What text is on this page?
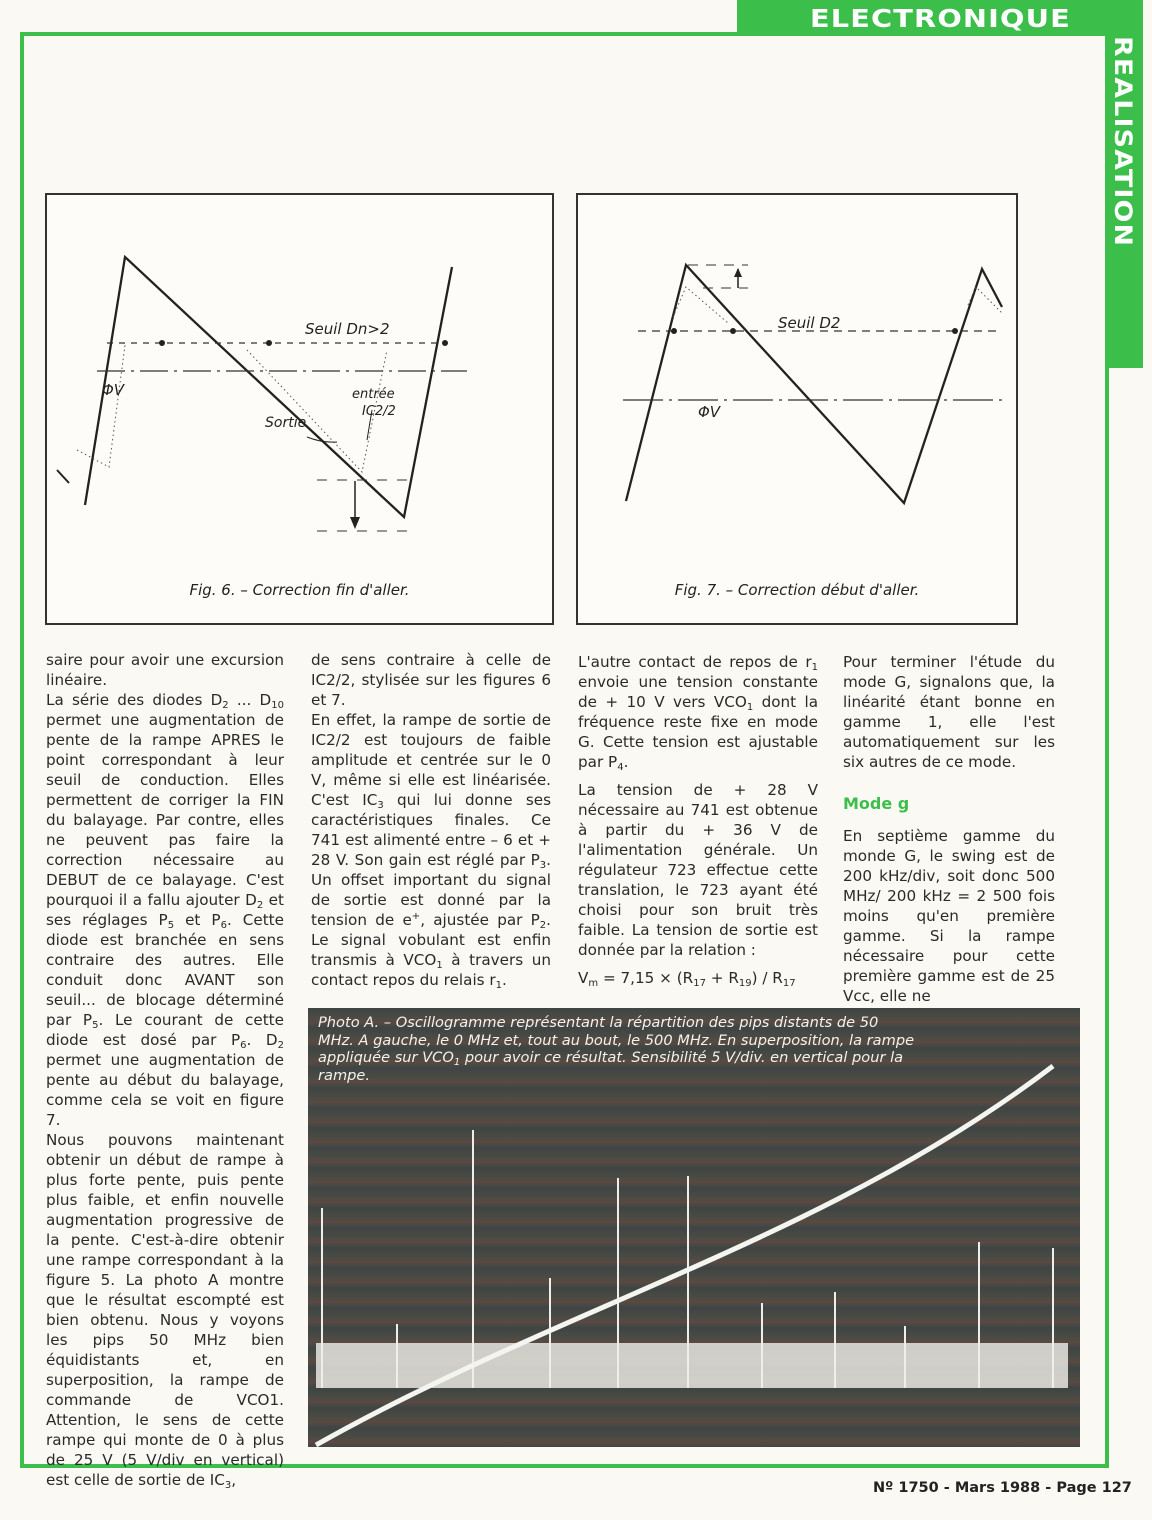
ELECTRONIQUE
REALISATION
Seuil Dn>2
ΦV	entrée
IC2/2
Sortie
Fig. 6. – Correction fin d'aller.
Seuil D2
ΦV
Fig. 7. – Correction début d'aller.

saire pour avoir une excursion linéaire.

La série des diodes $D_2$ ... $D_{10}$ permet une augmentation de pente de la rampe APRES le point correspondant à leur seuil de conduction. Elles permettent de corriger la FIN du balayage. Par contre, elles ne peuvent pas faire la correction nécessaire au DEBUT de ce balayage. C'est pourquoi il a fallu ajouter $D_2$ et ses réglages $P_5$ et $P_6$. Cette diode est branchée en sens contraire des autres. Elle conduit donc AVANT son seuil... de blocage déterminé par $P_5$. Le courant de cette diode est dosé par $P_6$. $D_2$ permet une augmentation de pente au début du balayage, comme cela se voit en figure 7.

Nous pouvons maintenant obtenir un début de rampe à plus forte pente, puis pente plus faible, et enfin nouvelle augmentation progressive de la pente. C'est-à-dire obtenir une rampe correspondant à la figure 5. La photo A montre que le résultat escompté est bien obtenu. Nous y voyons les pips 50 MHz bien équidistants et, en superposition, la rampe de commande de VCO1. Attention, le sens de cette rampe qui monte de 0 à plus de 25 V (5 V/div en vertical) est celle de sortie de $IC_3$,

de sens contraire à celle de IC2/2, stylisée sur les figures 6 et 7.

En effet, la rampe de sortie de IC2/2 est toujours de faible amplitude et centrée sur le 0 V, même si elle est linéarisée. C'est $IC_3$ qui lui donne ses caractéristiques finales. Ce 741 est alimenté entre – 6 et + 28 V. Son gain est réglé par $P_3$. Un offset important du signal de sortie est donné par la tension de e+, ajustée par $P_2$. Le signal vobulant est enfin transmis à $VCO_1$ à travers un contact repos du relais $r_1$.

L'autre contact de repos de $r_1$ envoie une tension constante de + 10 V vers $VCO_1$ dont la fréquence reste fixe en mode G. Cette tension est ajustable par $P_4$.

La tension de + 28 V nécessaire au 741 est obtenue à partir du + 36 V de l'alimentation générale. Un régulateur 723 effectue cette translation, le 723 ayant été choisi pour son bruit très faible. La tension de sortie est donnée par la relation :

$V_m = 7,15 \times (R_{17} + R_{19}) / R_{17}$

Pour terminer l'étude du mode G, signalons que, la linéarité étant bonne en gamme 1, elle l'est automatiquement sur les six autres de ce mode.

Mode g

En septième gamme du monde G, le swing est de 200 kHz/div, soit donc 500 MHz/ 200 kHz = 2 500 fois moins qu'en première gamme. Si la rampe nécessaire pour cette première gamme est de 25 Vcc, elle ne

Photo A. – Oscillogramme représentant la répartition des pips distants de 50 MHz. A gauche, le 0 MHz et, tout au bout, le 500 MHz. En superposition, la rampe appliquée sur $VCO_1$ pour avoir ce résultat. Sensibilité 5 V/div. en vertical pour la rampe.
Nº 1750 - Mars 1988 - Page 127
